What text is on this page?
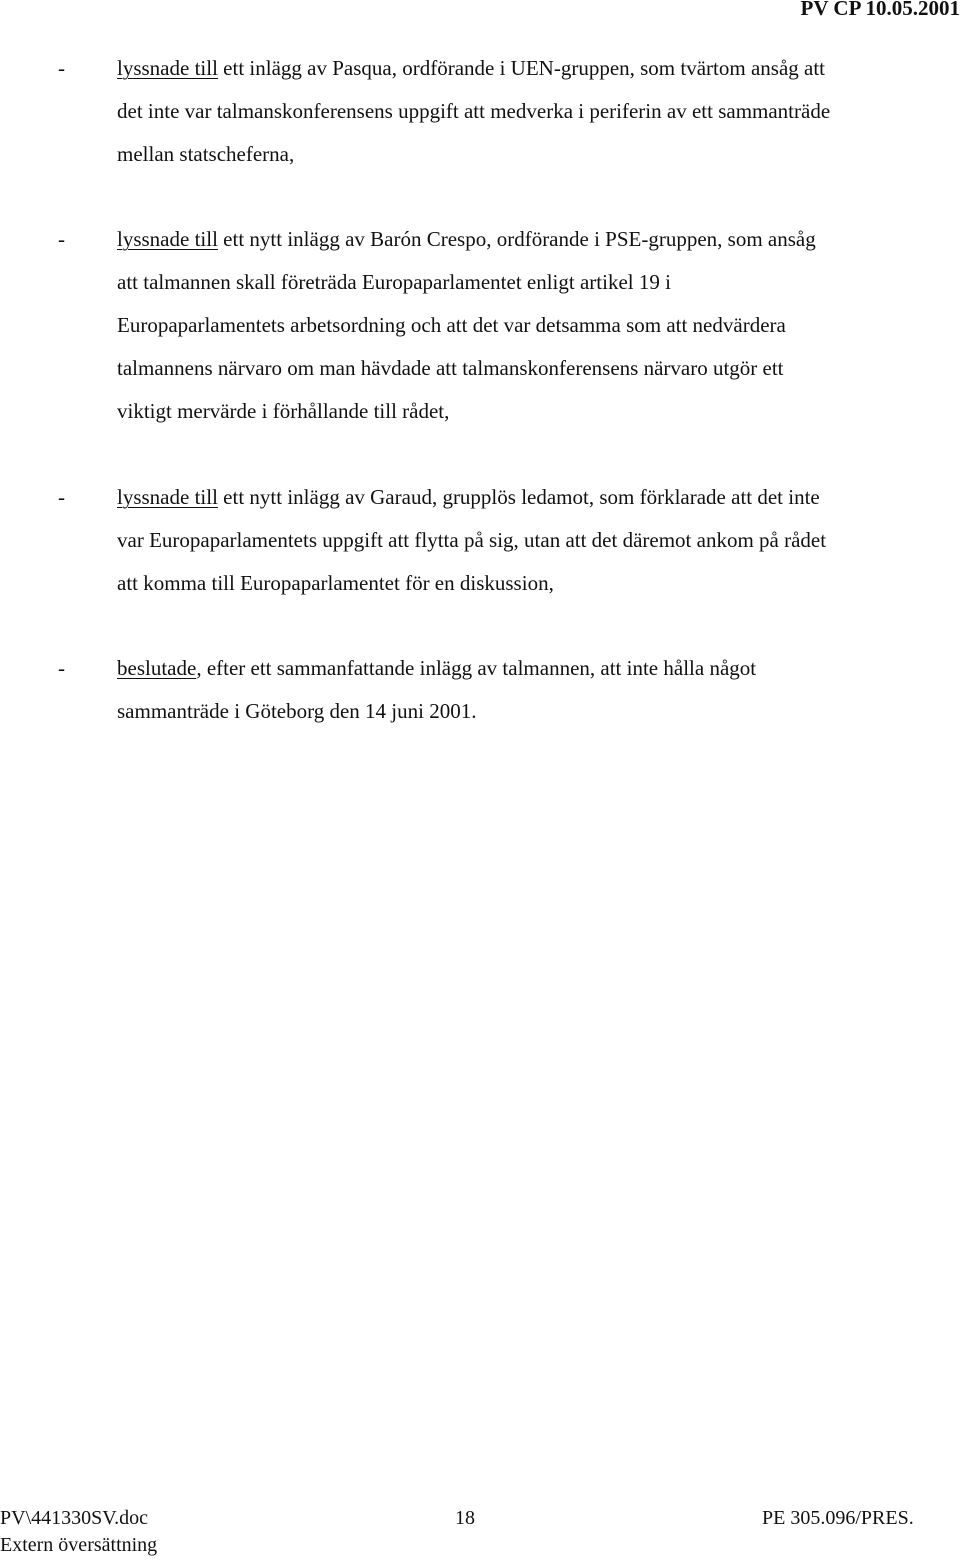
PV CP 10.05.2001
- lyssnade till ett inlägg av Pasqua, ordförande i UEN-gruppen, som tvärtom ansåg att
det inte var talmanskonferensens uppgift att medverka i periferin av ett sammanträde
mellan statscheferna,
- lyssnade till ett nytt inlägg av Barón Crespo, ordförande i PSE-gruppen, som ansåg
att talmannen skall företräda Europaparlamentet enligt artikel 19 i
Europaparlamentets arbetsordning och att det var detsamma som att nedvärdera
talmannens närvaro om man hävdade att talmanskonferensens närvaro utgör ett
viktigt mervärde i förhållande till rådet,
- lyssnade till ett nytt inlägg av Garaud, grupplös ledamot, som förklarade att det inte
var Europaparlamentets uppgift att flytta på sig, utan att det däremot ankom på rådet
att komma till Europaparlamentet för en diskussion,
- beslutade, efter ett sammanfattande inlägg av talmannen, att inte hålla något
sammanträde i Göteborg den 14 juni 2001.
PV\441330SV.doc	18	PE 305.096/PRES.
Extern översättning
